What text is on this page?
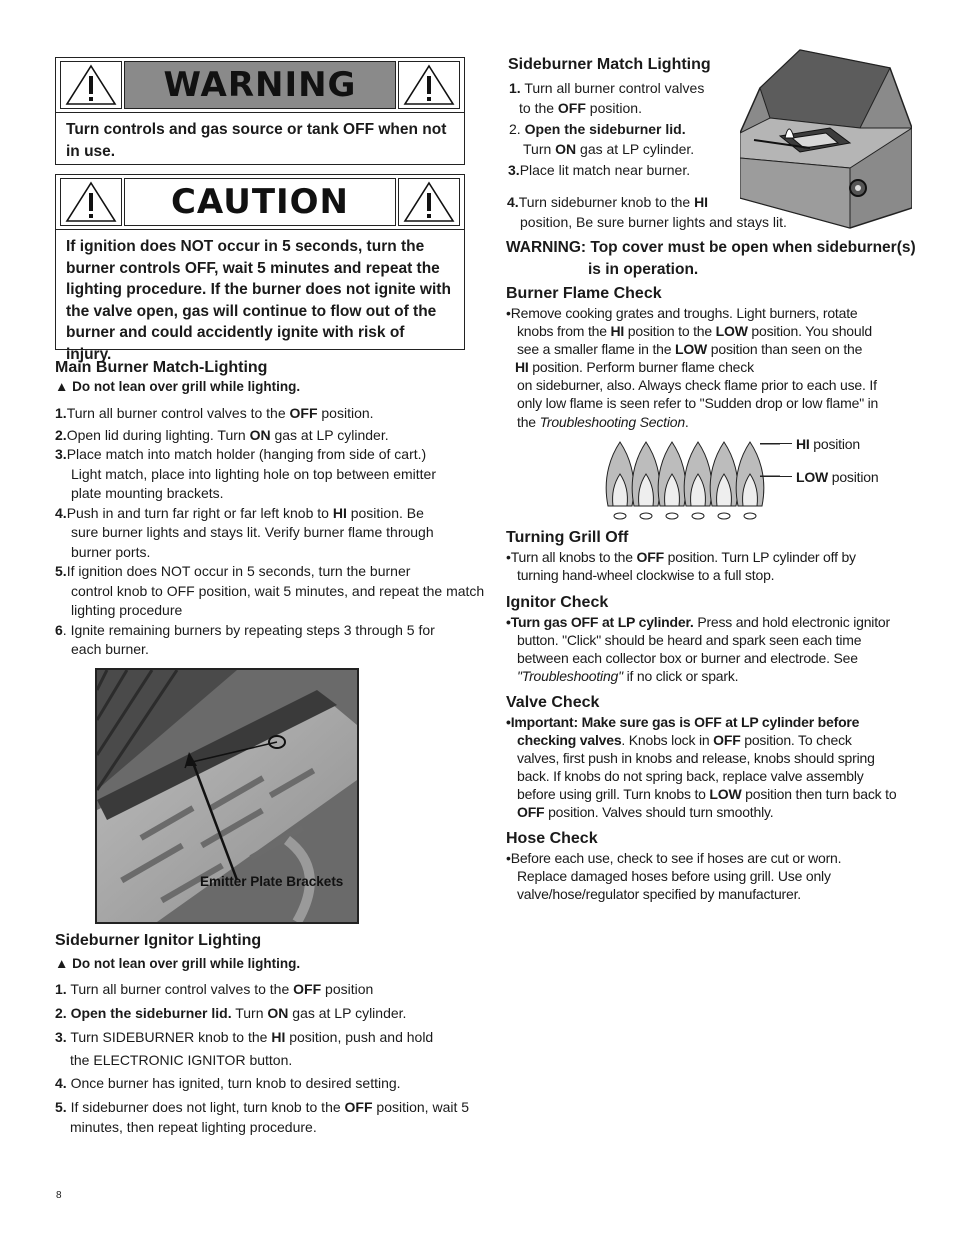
WARNING
Turn controls and gas source or tank OFF when not in use.
CAUTION
If ignition does NOT occur in 5 seconds, turn the burner controls OFF, wait 5 minutes and repeat the lighting procedure. If the burner does not ignite with the valve open, gas will continue to flow out of the burner and could accidently ignite with risk of injury.
Main Burner Match-Lighting
▲ Do not lean over grill while lighting.
1.Turn all burner control valves to the OFF position.
2.Open lid during lighting. Turn ON gas at LP cylinder.
3.Place match into match holder (hanging from side of cart.)
Light match, place into lighting hole on top between emitter
plate mounting brackets.
4.Push in and turn far right or far left knob to HI position. Be
sure burner lights and stays lit. Verify burner flame through
burner ports.
5.If ignition does NOT occur in 5 seconds, turn the burner
control knob to OFF position, wait 5 minutes, and repeat the match
lighting procedure
6. Ignite remaining burners by repeating steps 3 through 5 for
each burner.
Emitter Plate Brackets
Sideburner Ignitor Lighting
▲ Do not lean over grill while lighting.
1. Turn all burner control valves to the OFF position
2. Open the sideburner lid. Turn ON gas at LP cylinder.
3. Turn SIDEBURNER knob to the HI position, push and hold
the ELECTRONIC IGNITOR button.
4. Once burner has ignited, turn knob to desired setting.
5. If sideburner does not light, turn knob to the OFF position, wait 5
minutes, then repeat lighting procedure.
Sideburner Match Lighting
1. Turn all burner control valves
to the OFF position.
2. Open the sideburner lid.
Turn ON gas at LP cylinder.
3.Place lit match near burner.
4.Turn sideburner knob to the HI
position, Be sure burner lights and stays lit.
WARNING: Top cover must be open when sideburner(s)
is in operation.
Burner Flame Check
•Remove cooking grates and troughs. Light burners, rotate
knobs from the HI position to the LOW position. You should
see a smaller flame in the LOW position than seen on the
HI position. Perform burner flame check
on sideburner, also. Always check flame prior to each use. If
only low flame is seen refer to "Sudden drop or low flame" in
the Troubleshooting Section.
HI position
LOW position
Turning Grill Off
•Turn all knobs to the OFF position. Turn LP cylinder off by
turning hand-wheel clockwise to a full stop.
Ignitor Check
•Turn gas OFF at LP cylinder. Press and hold electronic ignitor
button. "Click" should be heard and spark seen each time
between each collector box or burner and electrode. See
"Troubleshooting" if no click or spark.
Valve Check
•Important: Make sure gas is OFF at LP cylinder before
checking valves. Knobs lock in OFF position. To check
valves, first push in knobs and release, knobs should spring
back. If knobs do not spring back, replace valve assembly
before using grill. Turn knobs to LOW position then turn back to
OFF position. Valves should turn smoothly.
Hose Check
•Before each use, check to see if hoses are cut or worn.
Replace damaged hoses before using grill. Use only
valve/hose/regulator specified by manufacturer.
8
